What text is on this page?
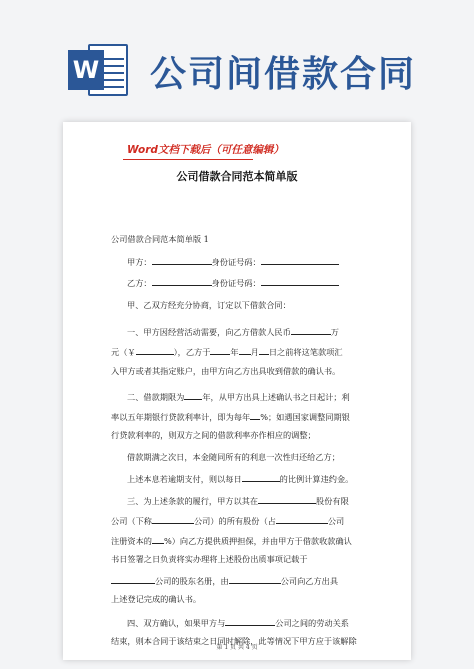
W 公司间借款合同
Word文档下载后（可任意编辑）
公司借款合同范本简单版
公司借款合同范本简单版 1
甲方：	身份证号码：
乙方：	身份证号码：
甲、乙双方经充分协商，订定以下借款合同：
一、甲方因经营活动需要，向乙方借款人民币	万
元（￥	），乙方于 年 月 日之前将这笔款项汇
入甲方或者其指定账户，由甲方向乙方出具收到借款的确认书。
二、借款期限为 年，从甲方出具上述确认书之日起计；利
率以五年期银行贷款利率计，即为每年 %；如遇国家调整同期银
行贷款利率的，则双方之间的借款利率亦作相应的调整；
借款期满之次日，本金随同所有的利息一次性归还给乙方；
上述本息若逾期支付，则以每日	的比例计算违约金。
三、为上述条款的履行，甲方以其在	股份有限
公司（下称	公司）的所有股份（占	公司
注册资本的 %）向乙方提供质押担保，并由甲方于借款收款确认
书日签署之日负责将实办理将上述股份出质事项记载于
公司的股东名册，由	公司向乙方出具
上述登记完成的确认书。
四、双方确认，如果甲方与	公司之间的劳动关系
结束，则本合同于该结束之日同时解除，此等情况下甲方应于该解除
第 1 页 共 4 页
